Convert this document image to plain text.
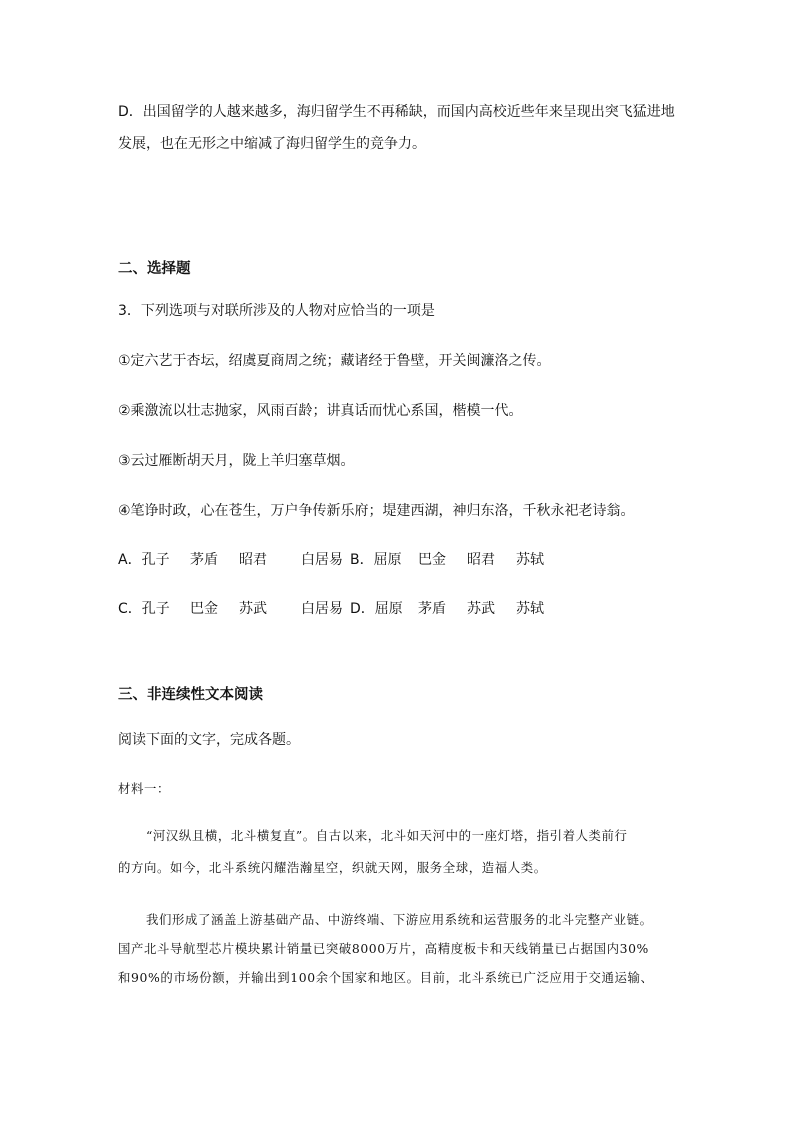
D．出国留学的人越来越多，海归留学生不再稀缺，而国内高校近些年来呈现出突飞猛进地
发展，也在无形之中缩减了海归留学生的竞争力。
二、选择题
3．下列选项与对联所涉及的人物对应恰当的一项是
①定六艺于杏坛，绍虞夏商周之统；藏诸经于鲁壁，开关闽濂洛之传。
②乘激流以壮志抛家，风雨百龄；讲真话而忧心系国，楷模一代。
③云过雁断胡天月，陇上羊归塞草烟。
④笔诤时政，心在苍生，万户争传新乐府；堤建西湖，神归东洛，千秋永祀老诗翁。
A．孔子 茅盾 昭君 白居易 B．屈原 巴金 昭君 苏轼
C．孔子 巴金 苏武 白居易 D．屈原 茅盾 苏武 苏轼
三、非连续性文本阅读
阅读下面的文字，完成各题。
材料一：
“河汉纵且横，北斗横复直”。自古以来，北斗如天河中的一座灯塔，指引着人类前行
的方向。如今，北斗系统闪耀浩瀚星空，织就天网，服务全球，造福人类。
我们形成了涵盖上游基础产品、中游终端、下游应用系统和运营服务的北斗完整产业链。
国产北斗导航型芯片模块累计销量已突破8000万片，高精度板卡和天线销量已占据国内30%
和90%的市场份额，并输出到100余个国家和地区。目前，北斗系统已广泛应用于交通运输、
